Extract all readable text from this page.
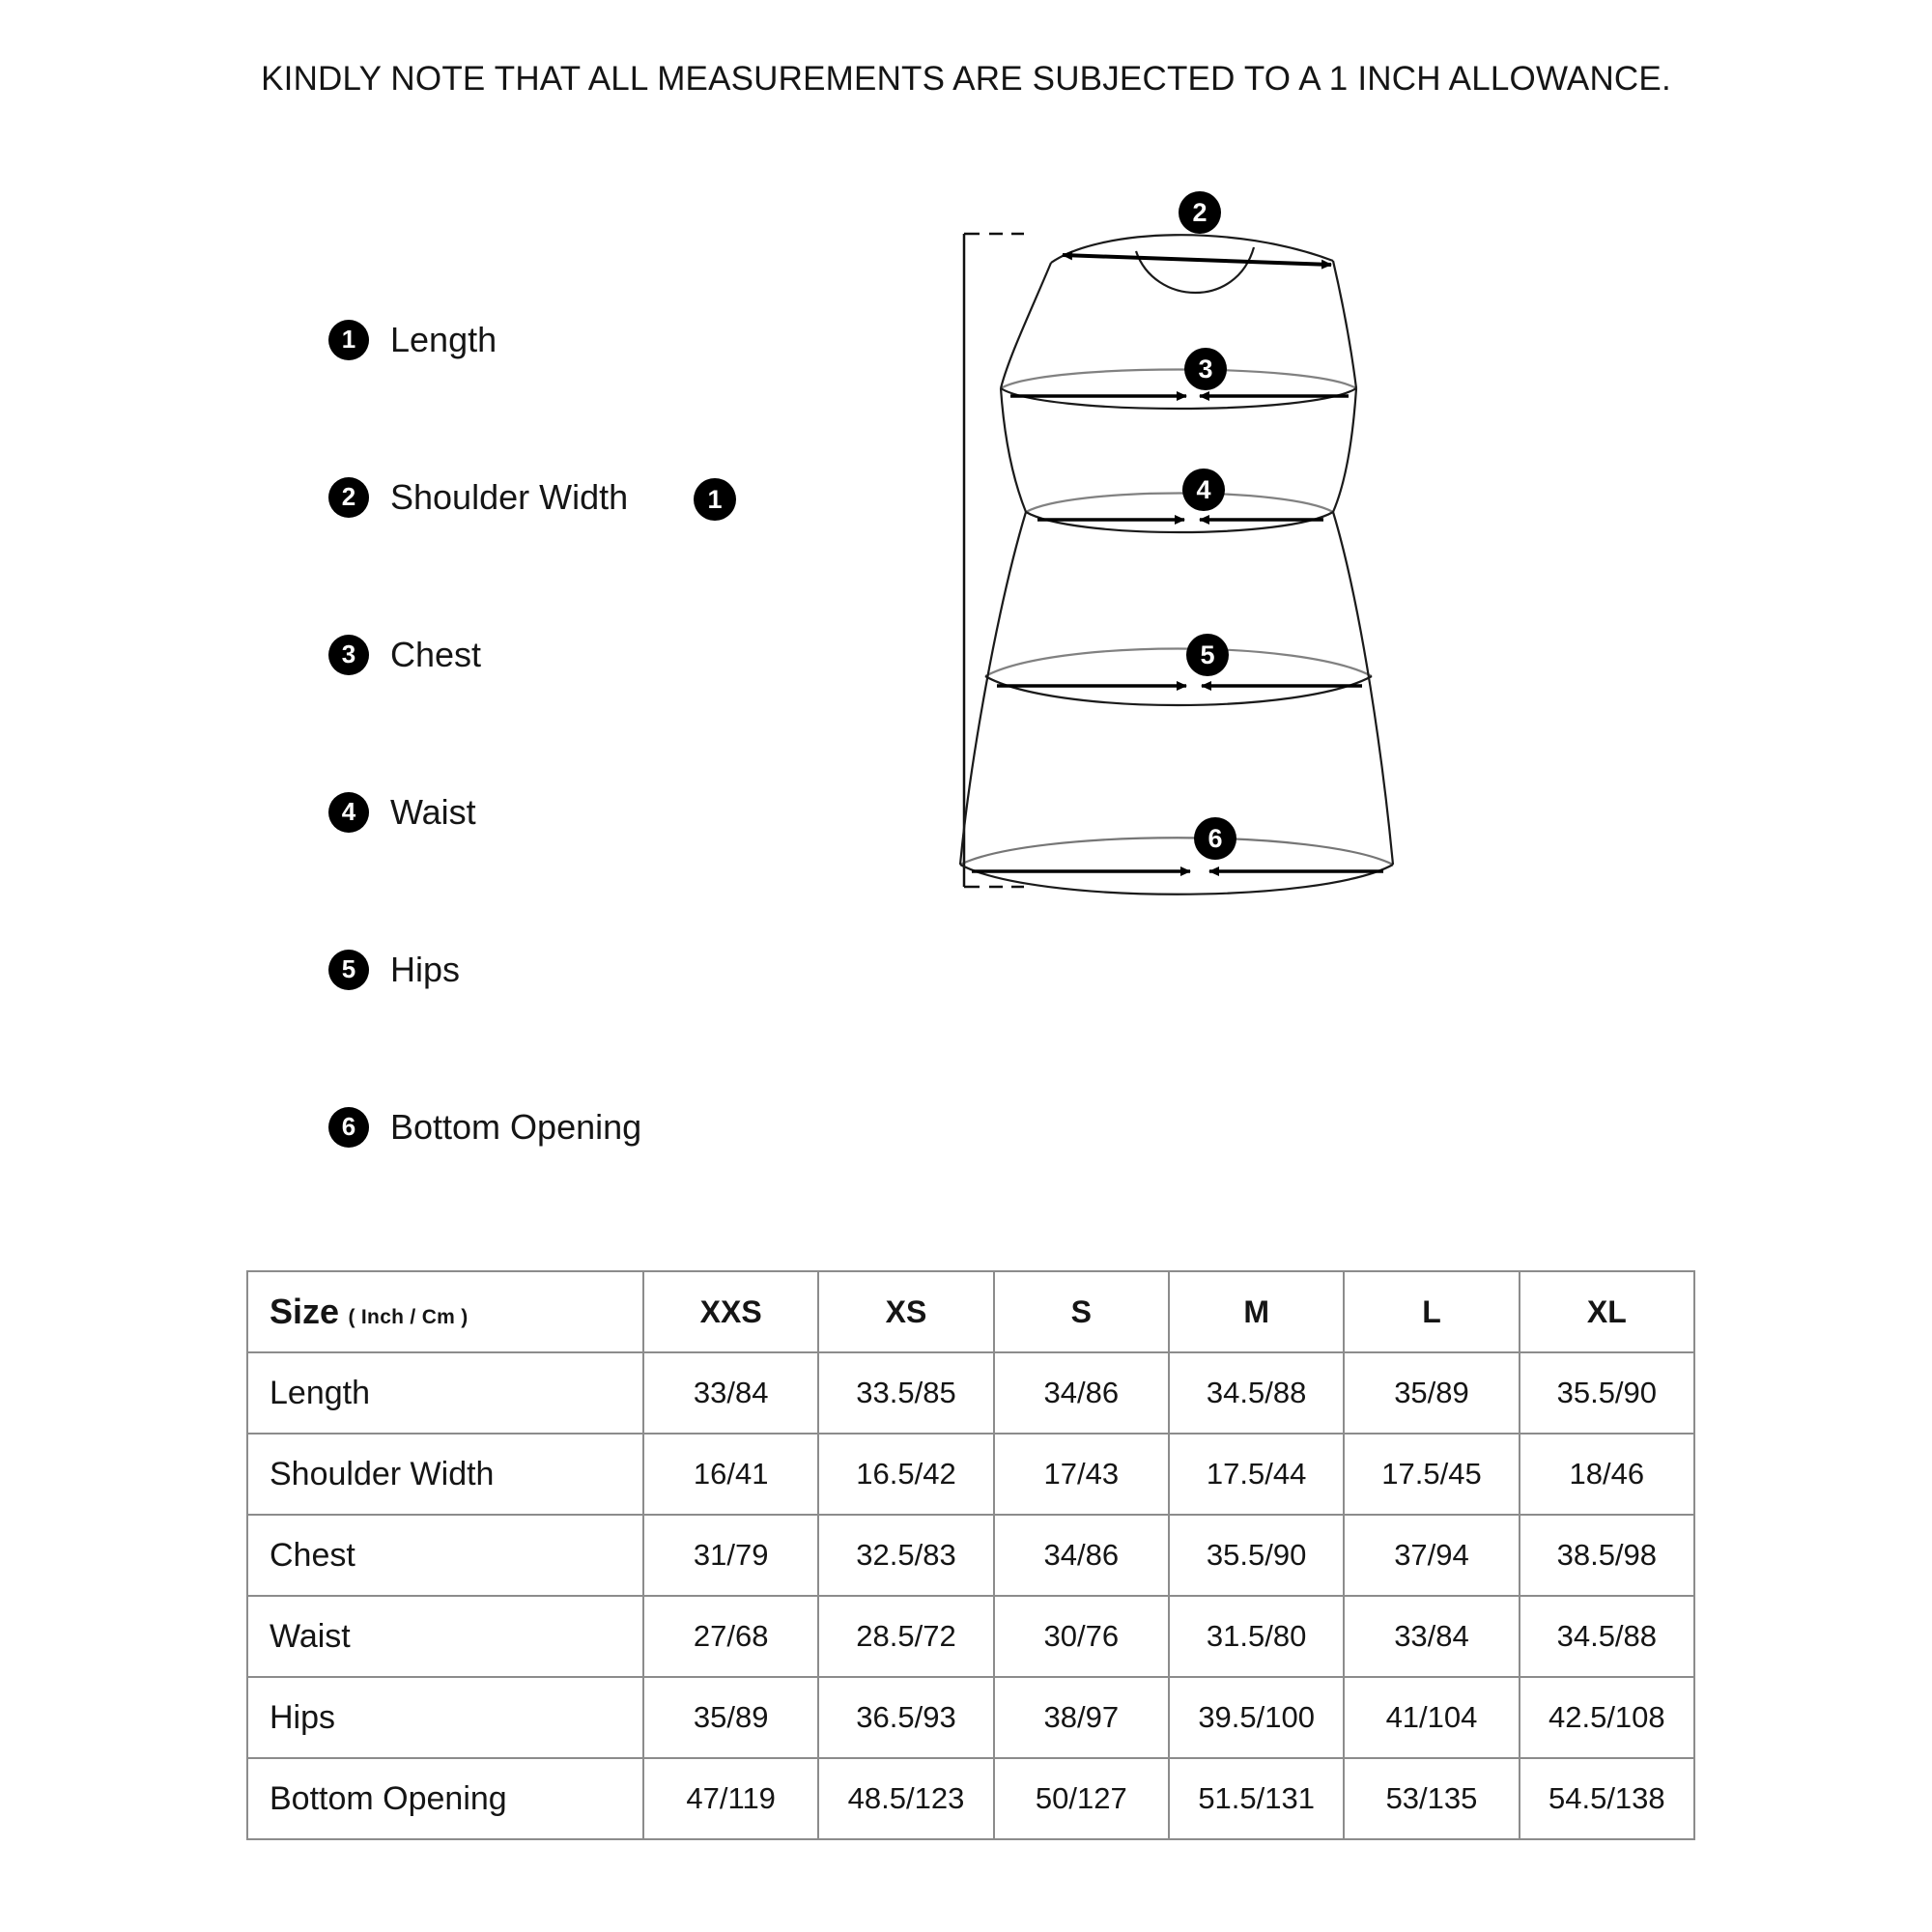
KINDLY NOTE THAT ALL MEASUREMENTS ARE SUBJECTED TO A 1 INCH ALLOWANCE.
1 Length
2 Shoulder Width
3 Chest
4 Waist
5 Hips
6 Bottom Opening
1
2
3
4
5
6
Size ( Inch / Cm )	XXS	XS	S	M	L	XL
Length	33/84	33.5/85	34/86	34.5/88	35/89	35.5/90
Shoulder Width	16/41	16.5/42	17/43	17.5/44	17.5/45	18/46
Chest	31/79	32.5/83	34/86	35.5/90	37/94	38.5/98
Waist	27/68	28.5/72	30/76	31.5/80	33/84	34.5/88
Hips	35/89	36.5/93	38/97	39.5/100	41/104	42.5/108
Bottom Opening	47/119	48.5/123	50/127	51.5/131	53/135	54.5/138
